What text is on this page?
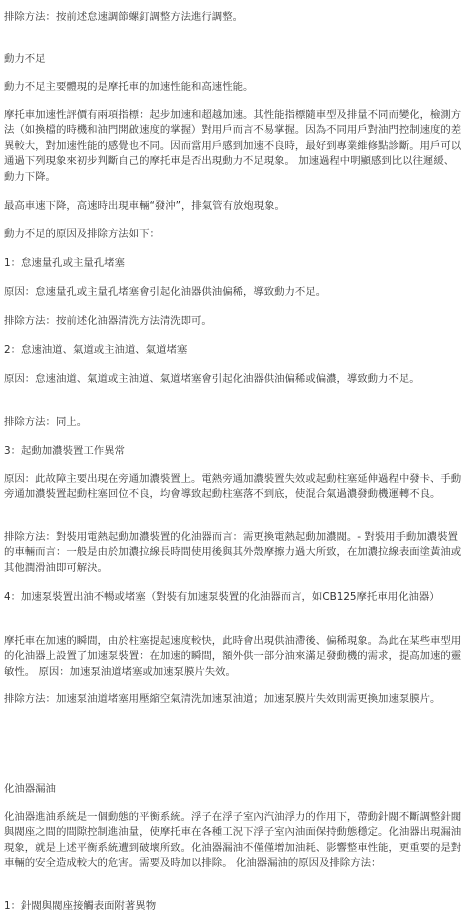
排除方法：按前述怠速調節螺釘調整方法進行調整。

動力不足

動力不足主要體現的是摩托車的加速性能和高速性能。

摩托車加速性評價有兩項指標：起步加速和超越加速。其性能指標隨車型及排量不同而變化，檢測方法（如換檔的時機和油門開啟速度的掌握）對用戶而言不易掌握。因為不同用戶對油門控制速度的差異較大，對加速性能的感覺也不同。因而當用戶感到加速不良時，最好到專業維修點診斷。用戶可以通過下列現象來初步判斷自己的摩托車是否出現動力不足現象。 加速過程中明顯感到比以往遲緩、動力下降。

最高車速下降，高速時出現車輛“發沖”，排氣管有放炮現象。

動力不足的原因及排除方法如下：

1：怠速量孔或主量孔堵塞

原因：怠速量孔或主量孔堵塞會引起化油器供油偏稀，導致動力不足。

排除方法：按前述化油器清洗方法清洗即可。

2：怠速油道、氣道或主油道、氣道堵塞

原因：怠速油道、氣道或主油道、氣道堵塞會引起化油器供油偏稀或偏濃，導致動力不足。

排除方法：同上。

3：起動加濃裝置工作異常

原因：此故障主要出現在旁通加濃裝置上。電熱旁通加濃裝置失效或起動柱塞延伸過程中發卡、手動旁通加濃裝置起動柱塞回位不良，均會導致起動柱塞落不到底，使混合氣過濃發動機運轉不良。

排除方法：對裝用電熱起動加濃裝置的化油器而言：需更換電熱起動加濃閥。- 對裝用手動加濃裝置的車輛而言：一般是由於加濃拉線長時間使用後與其外殼摩擦力過大所致，在加濃拉線表面塗黃油或其他潤滑油即可解決。

4：加速泵裝置出油不暢或堵塞（對裝有加速泵裝置的化油器而言，如CB125摩托車用化油器）

摩托車在加速的瞬間，由於柱塞提起速度較快，此時會出現供油滯後、偏稀現象。為此在某些車型用的化油器上設置了加速泵裝置：在加速的瞬間，額外供一部分油來滿足發動機的需求，提高加速的靈敏性。 原因：加速泵油道堵塞或加速泵膜片失效。

排除方法：加速泵油道堵塞用壓縮空氣清洗加速泵油道；加速泵膜片失效則需更換加速泵膜片。

化油器漏油

化油器進油系統是一個動態的平衡系統。浮子在浮子室內汽油浮力的作用下，帶動針閥不斷調整針閥與閥座之間的間隙控制進油量，使摩托車在各種工況下浮子室內油面保持動態穩定。化油器出現漏油現象，就是上述平衡系統遭到破壞所致。化油器漏油不僅僅增加油耗、影響整車性能，更重要的是對車輛的安全造成較大的危害。需要及時加以排除。 化油器漏油的原因及排除方法：

1：針閥與閥座接觸表面附著異物
